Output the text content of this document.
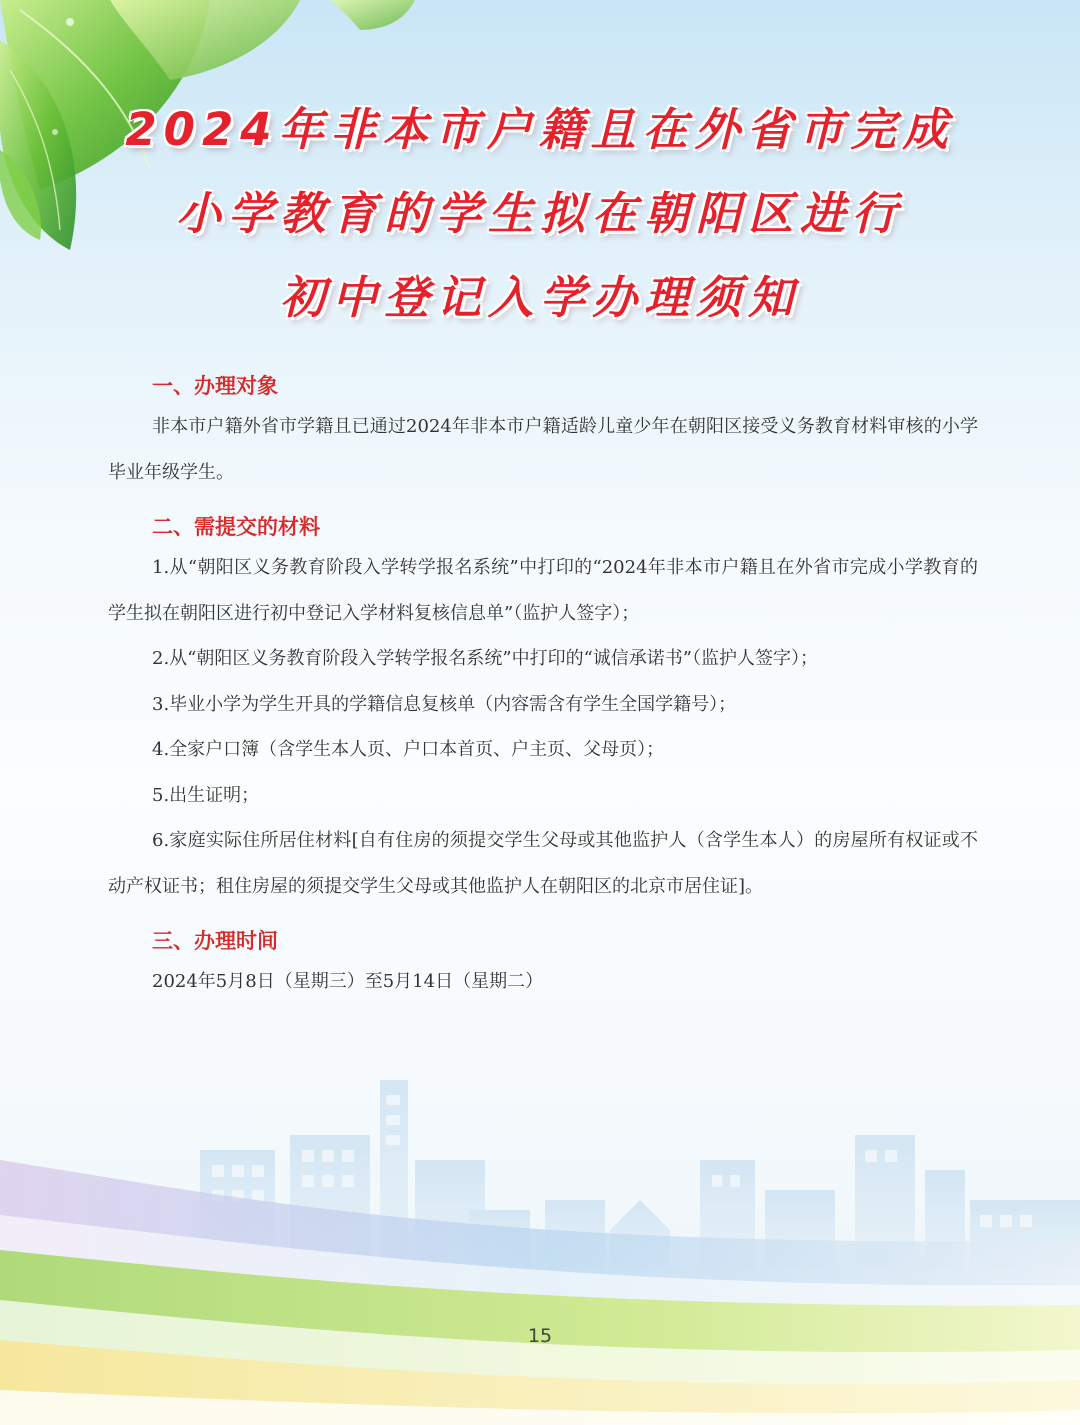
2024年非本市户籍且在外省市完成
小学教育的学生拟在朝阳区进行
初中登记入学办理须知
一、办理对象

非本市户籍外省市学籍且已通过2024年非本市户籍适龄儿童少年在朝阳区接受义务教育材料审核的小学毕业年级学生。

二、需提交的材料

1.从“朝阳区义务教育阶段入学转学报名系统”中打印的“2024年非本市户籍且在外省市完成小学教育的学生拟在朝阳区进行初中登记入学材料复核信息单”（监护人签字）；

2.从“朝阳区义务教育阶段入学转学报名系统”中打印的“诚信承诺书”（监护人签字）；

3.毕业小学为学生开具的学籍信息复核单（内容需含有学生全国学籍号）；

4.全家户口簿（含学生本人页、户口本首页、户主页、父母页）；

5.出生证明；

6.家庭实际住所居住材料[自有住房的须提交学生父母或其他监护人（含学生本人）的房屋所有权证或不动产权证书；租住房屋的须提交学生父母或其他监护人在朝阳区的北京市居住证]。

三、办理时间

2024年5月8日（星期三）至5月14日（星期二）

15
